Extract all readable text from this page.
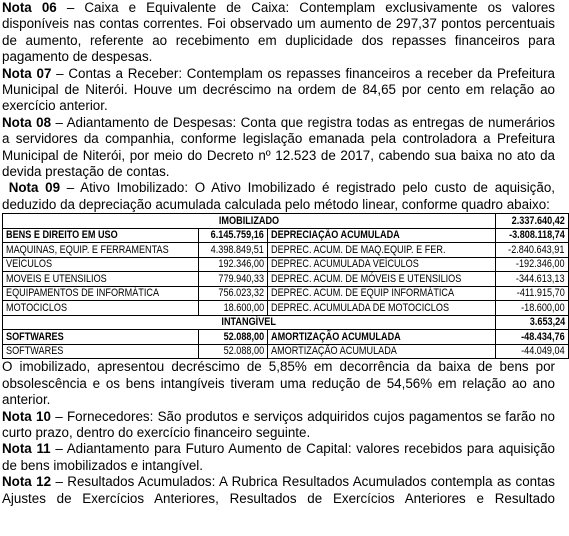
Nota 06 – Caixa e Equivalente de Caixa: Contemplam exclusivamente os valores disponíveis nas contas correntes. Foi observado um aumento de 297,37 pontos percentuais de aumento, referente ao recebimento em duplicidade dos repasses financeiros para pagamento de despesas.

Nota 07 – Contas a Receber: Contemplam os repasses financeiros a receber da Prefeitura Municipal de Niterói. Houve um decréscimo na ordem de 84,65 por cento em relação ao exercício anterior.

Nota 08 – Adiantamento de Despesas: Conta que registra todas as entregas de numerários a servidores da companhia, conforme legislação emanada pela controladora a Prefeitura Municipal de Niterói, por meio do Decreto nº 12.523 de 2017, cabendo sua baixa no ato da devida prestação de contas.

Nota 09 – Ativo Imobilizado: O Ativo Imobilizado é registrado pelo custo de aquisição, deduzido da depreciação acumulada calculada pelo método linear, conforme quadro abaixo:

IMOBILIZADO			2.337.640,42
BENS E DIREITO EM USO	6.145.759,16	DEPRECIAÇÃO ACUMULADA	-3.808.118,74
MAQUINAS, EQUIP. E FERRAMENTAS	4.398.849,51	DEPREC. ACUM. DE MAQ.EQUIP. E FER.	-2.840.643,91
VEÍCULOS	192.346,00	DEPREC. ACUMULADA VEÍCULOS	-192.346,00
MOVEIS E UTENSILIOS	779.940,33	DEPREC. ACUM. DE MÓVEIS E UTENSILIOS	-344.613,13
EQUIPAMENTOS DE INFORMÁTICA	756.023,32	DEPREC. ACUM. DE EQUIP INFORMÁTICA	-411.915,70
MOTOCICLOS	18.600,00	DEPREC. ACUMULADA DE MOTOCICLOS	-18.600,00
INTANGÍVEL			3.653,24
SOFTWARES	52.088,00	AMORTIZAÇÃO ACUMULADA	-48.434,76
SOFTWARES	52.088,00	AMORTIZAÇÃO ACUMULADA	-44.049,04

O imobilizado, apresentou decréscimo de 5,85% em decorrência da baixa de bens por obsolescência e os bens intangíveis tiveram uma redução de 54,56% em relação ao ano anterior.

Nota 10 – Fornecedores: São produtos e serviços adquiridos cujos pagamentos se farão no curto prazo, dentro do exercício financeiro seguinte.

Nota 11 – Adiantamento para Futuro Aumento de Capital: valores recebidos para aquisição de bens imobilizados e intangível.

Nota 12 – Resultados Acumulados: A Rubrica Resultados Acumulados contempla as contas Ajustes de Exercícios Anteriores, Resultados de Exercícios Anteriores e Resultado
